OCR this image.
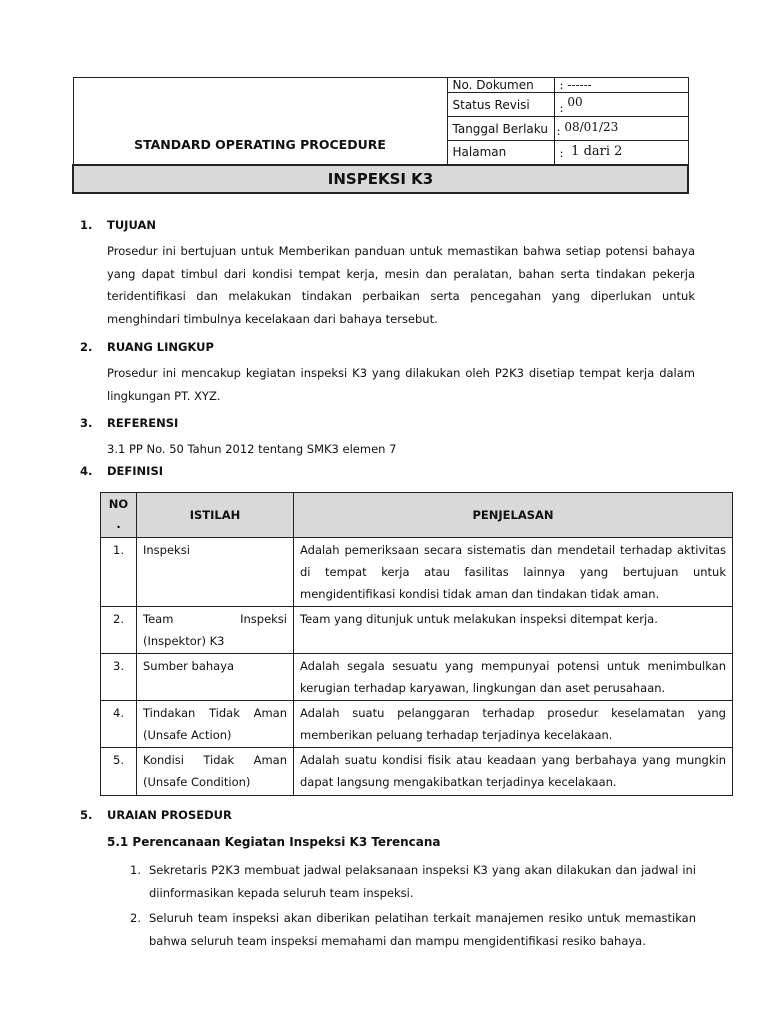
STANDARD OPERATING PROCEDURE	No. Dokumen	: ------
	Status Revisi	: 00
	Tanggal Berlaku	: 08/01/23
	Halaman	:  1 dari 2
INSPEKSI K3		
1. TUJUAN
Prosedur ini bertujuan untuk Memberikan panduan untuk memastikan bahwa setiap potensi bahaya yang dapat timbul dari kondisi tempat kerja, mesin dan peralatan, bahan serta tindakan pekerja teridentifikasi dan melakukan tindakan perbaikan serta pencegahan yang diperlukan untuk menghindari timbulnya kecelakaan dari bahaya tersebut.
2. RUANG LINGKUP
Prosedur ini mencakup kegiatan inspeksi K3 yang dilakukan oleh P2K3 disetiap tempat kerja dalam lingkungan PT. XYZ.
3. REFERENSI
3.1 PP No. 50 Tahun 2012 tentang SMK3 elemen 7
4. DEFINISI
NO .	ISTILAH	PENJELASAN
1.	Inspeksi	Adalah pemeriksaan secara sistematis dan mendetail terhadap aktivitas di tempat kerja atau fasilitas lainnya yang bertujuan untuk mengidentifikasi kondisi tidak aman dan tindakan tidak aman.
2.	Team Inspeksi (Inspektor) K3	Team yang ditunjuk untuk melakukan inspeksi ditempat kerja.
3.	Sumber bahaya	Adalah segala sesuatu yang mempunyai potensi untuk menimbulkan kerugian terhadap karyawan, lingkungan dan aset perusahaan.
4.	Tindakan Tidak Aman (Unsafe Action)	Adalah suatu pelanggaran terhadap prosedur keselamatan yang memberikan peluang terhadap terjadinya kecelakaan.
5.	Kondisi Tidak Aman (Unsafe Condition)	Adalah suatu kondisi fisik atau keadaan yang berbahaya yang mungkin dapat langsung mengakibatkan terjadinya kecelakaan.
5. URAIAN PROSEDUR
5.1 Perencanaan Kegiatan Inspeksi K3 Terencana
1. Sekretaris P2K3 membuat jadwal pelaksanaan inspeksi K3 yang akan dilakukan dan jadwal ini diinformasikan kepada seluruh team inspeksi.
2. Seluruh team inspeksi akan diberikan pelatihan terkait manajemen resiko untuk memastikan bahwa seluruh team inspeksi memahami dan mampu mengidentifikasi resiko bahaya.
